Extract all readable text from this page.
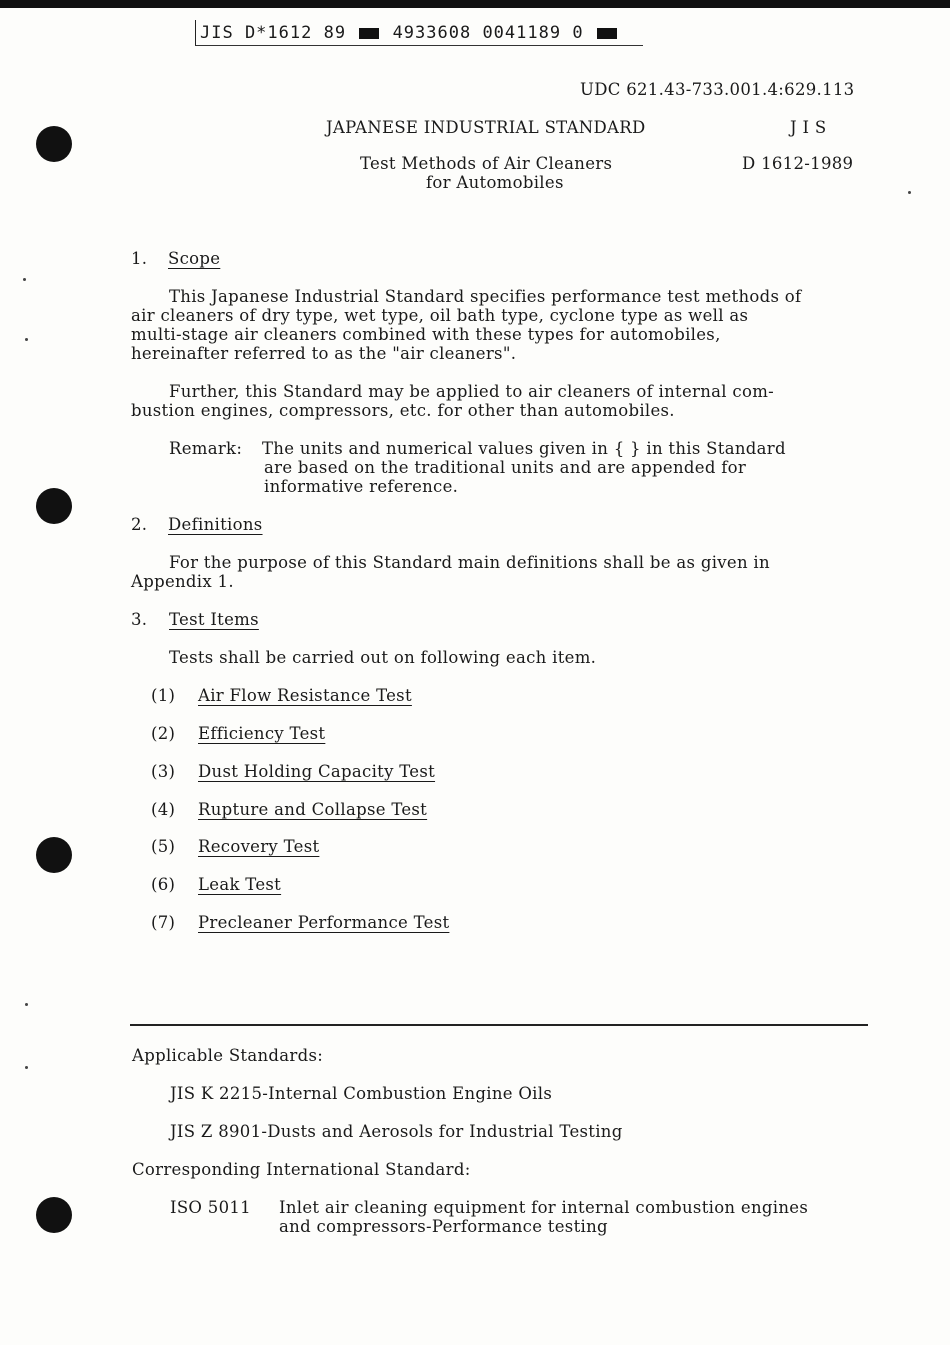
JIS D*1612 89	4933608 0041189 0
UDC 621.43-733.001.4:629.113
JAPANESE INDUSTRIAL STANDARD	J I S
Test Methods of Air Cleaners
for Automobiles
D 1612-1989
1. Scope
This Japanese Industrial Standard specifies performance test methods of
air cleaners of dry type, wet type, oil bath type, cyclone type as well as
multi-stage air cleaners combined with these types for automobiles,
hereinafter referred to as the "air cleaners".
Further, this Standard may be applied to air cleaners of internal com-
bustion engines, compressors, etc. for other than automobiles.
Remark: The units and numerical values given in { } in this Standard
are based on the traditional units and are appended for
informative reference.
2. Definitions
For the purpose of this Standard main definitions shall be as given in
Appendix 1.
3. Test Items
Tests shall be carried out on following each item.
(1) Air Flow Resistance Test
(2) Efficiency Test
(3) Dust Holding Capacity Test
(4) Rupture and Collapse Test
(5) Recovery Test
(6) Leak Test
(7) Precleaner Performance Test
Applicable Standards:
JIS K 2215-Internal Combustion Engine Oils
JIS Z 8901-Dusts and Aerosols for Industrial Testing
Corresponding International Standard:
ISO 5011 Inlet air cleaning equipment for internal combustion engines
and compressors-Performance testing
